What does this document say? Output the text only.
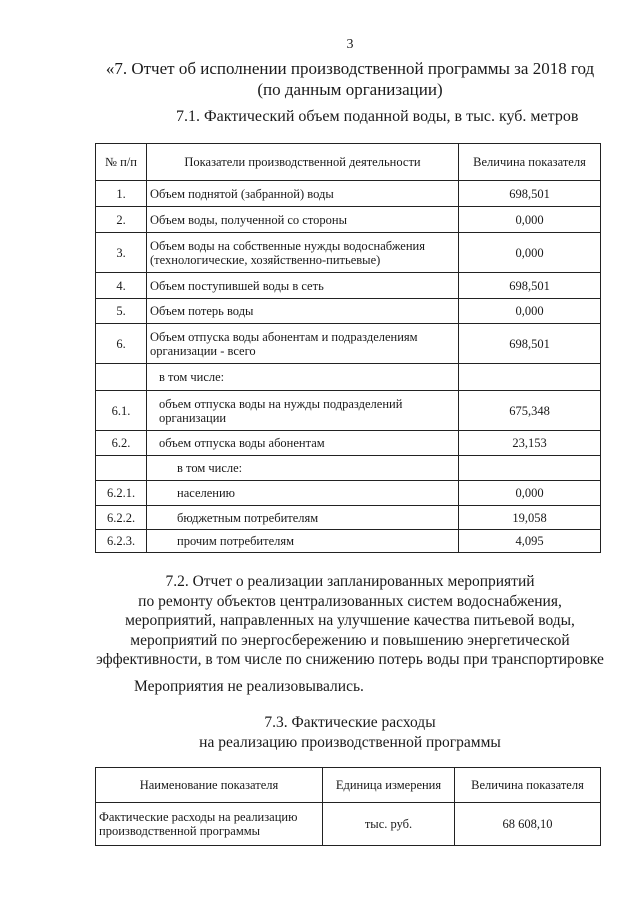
3
«7. Отчет об исполнении производственной программы за 2018 год
(по данным организации)
7.1. Фактический объем поданной воды, в тыс. куб. метров
№ п/п	Показатели производственной деятельности	Величина показателя
1.	Объем поднятой (забранной) воды	698,501
2.	Объем воды, полученной со стороны	0,000
3.	Объем воды на собственные нужды водоснабжения (технологические, хозяйственно-питьевые)	0,000
4.	Объем поступившей воды в сеть	698,501
5.	Объем потерь воды	0,000
6.	Объем отпуска воды абонентам и подразделениям организации - всего	698,501
	в том числе:	
6.1.	объем отпуска воды на нужды подразделений организации	675,348
6.2.	объем отпуска воды абонентам	23,153
	в том числе:	
6.2.1.	населению	0,000
6.2.2.	бюджетным потребителям	19,058
6.2.3.	прочим потребителям	4,095
7.2. Отчет о реализации запланированных мероприятий
по ремонту объектов централизованных систем водоснабжения,
мероприятий, направленных на улучшение качества питьевой воды,
мероприятий по энергосбережению и повышению энергетической
эффективности, в том числе по снижению потерь воды при транспортировке
Мероприятия не реализовывались.
7.3. Фактические расходы
на реализацию производственной программы
Наименование показателя	Единица измерения	Величина показателя
Фактические расходы на реализацию производственной программы	тыс. руб.	68 608,10
